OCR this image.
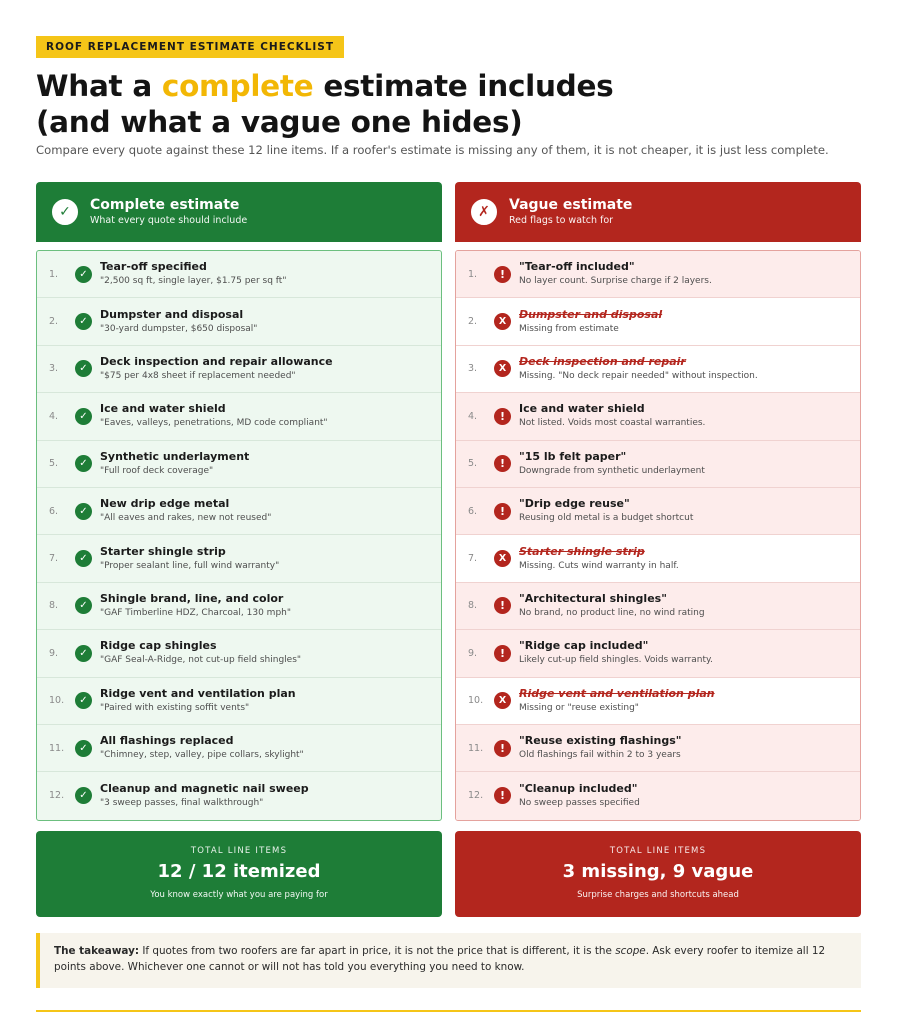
ROOF REPLACEMENT ESTIMATE CHECKLIST
What a complete estimate includes
(and what a vague one hides)

Compare every quote against these 12 line items. If a roofer's estimate is missing any of them, it is not cheaper, it is just less complete.

✓	Complete estimate
What every quote should include
1.	✓
Tear-off specified
"2,500 sq ft, single layer, $1.75 per sq ft"
2.	✓
Dumpster and disposal
"30-yard dumpster, $650 disposal"
3.	✓
Deck inspection and repair allowance
"$75 per 4x8 sheet if replacement needed"
4.	✓
Ice and water shield
"Eaves, valleys, penetrations, MD code compliant"
5.	✓
Synthetic underlayment
"Full roof deck coverage"
6.	✓
New drip edge metal
"All eaves and rakes, new not reused"
7.	✓
Starter shingle strip
"Proper sealant line, full wind warranty"
8.	✓
Shingle brand, line, and color
"GAF Timberline HDZ, Charcoal, 130 mph"
9.	✓
Ridge cap shingles
"GAF Seal-A-Ridge, not cut-up field shingles"
10.	✓
Ridge vent and ventilation plan
"Paired with existing soffit vents"
11.	✓
All flashings replaced
"Chimney, step, valley, pipe collars, skylight"
12.	✓
Cleanup and magnetic nail sweep
"3 sweep passes, final walkthrough"
✗	Vague estimate
Red flags to watch for
1.	!
"Tear-off included"
No layer count. Surprise charge if 2 layers.
2.	X
Dumpster and disposal
Missing from estimate
3.	X
Deck inspection and repair
Missing. "No deck repair needed" without inspection.
4.	!
Ice and water shield
Not listed. Voids most coastal warranties.
5.	!
"15 lb felt paper"
Downgrade from synthetic underlayment
6.	!
"Drip edge reuse"
Reusing old metal is a budget shortcut
7.	X
Starter shingle strip
Missing. Cuts wind warranty in half.
8.	!
"Architectural shingles"
No brand, no product line, no wind rating
9.	!
"Ridge cap included"
Likely cut-up field shingles. Voids warranty.
10.	X
Ridge vent and ventilation plan
Missing or "reuse existing"
11.	!
"Reuse existing flashings"
Old flashings fail within 2 to 3 years
12.	!
"Cleanup included"
No sweep passes specified
TOTAL LINE ITEMS
12 / 12 itemized
You know exactly what you are paying for
TOTAL LINE ITEMS
3 missing, 9 vague
Surprise charges and shortcuts ahead
The takeaway: If quotes from two roofers are far apart in price, it is not the price that is different, it is the scope. Ask every roofer to itemize all 12 points above. Whichever one cannot or will not has told you everything you need to know.
